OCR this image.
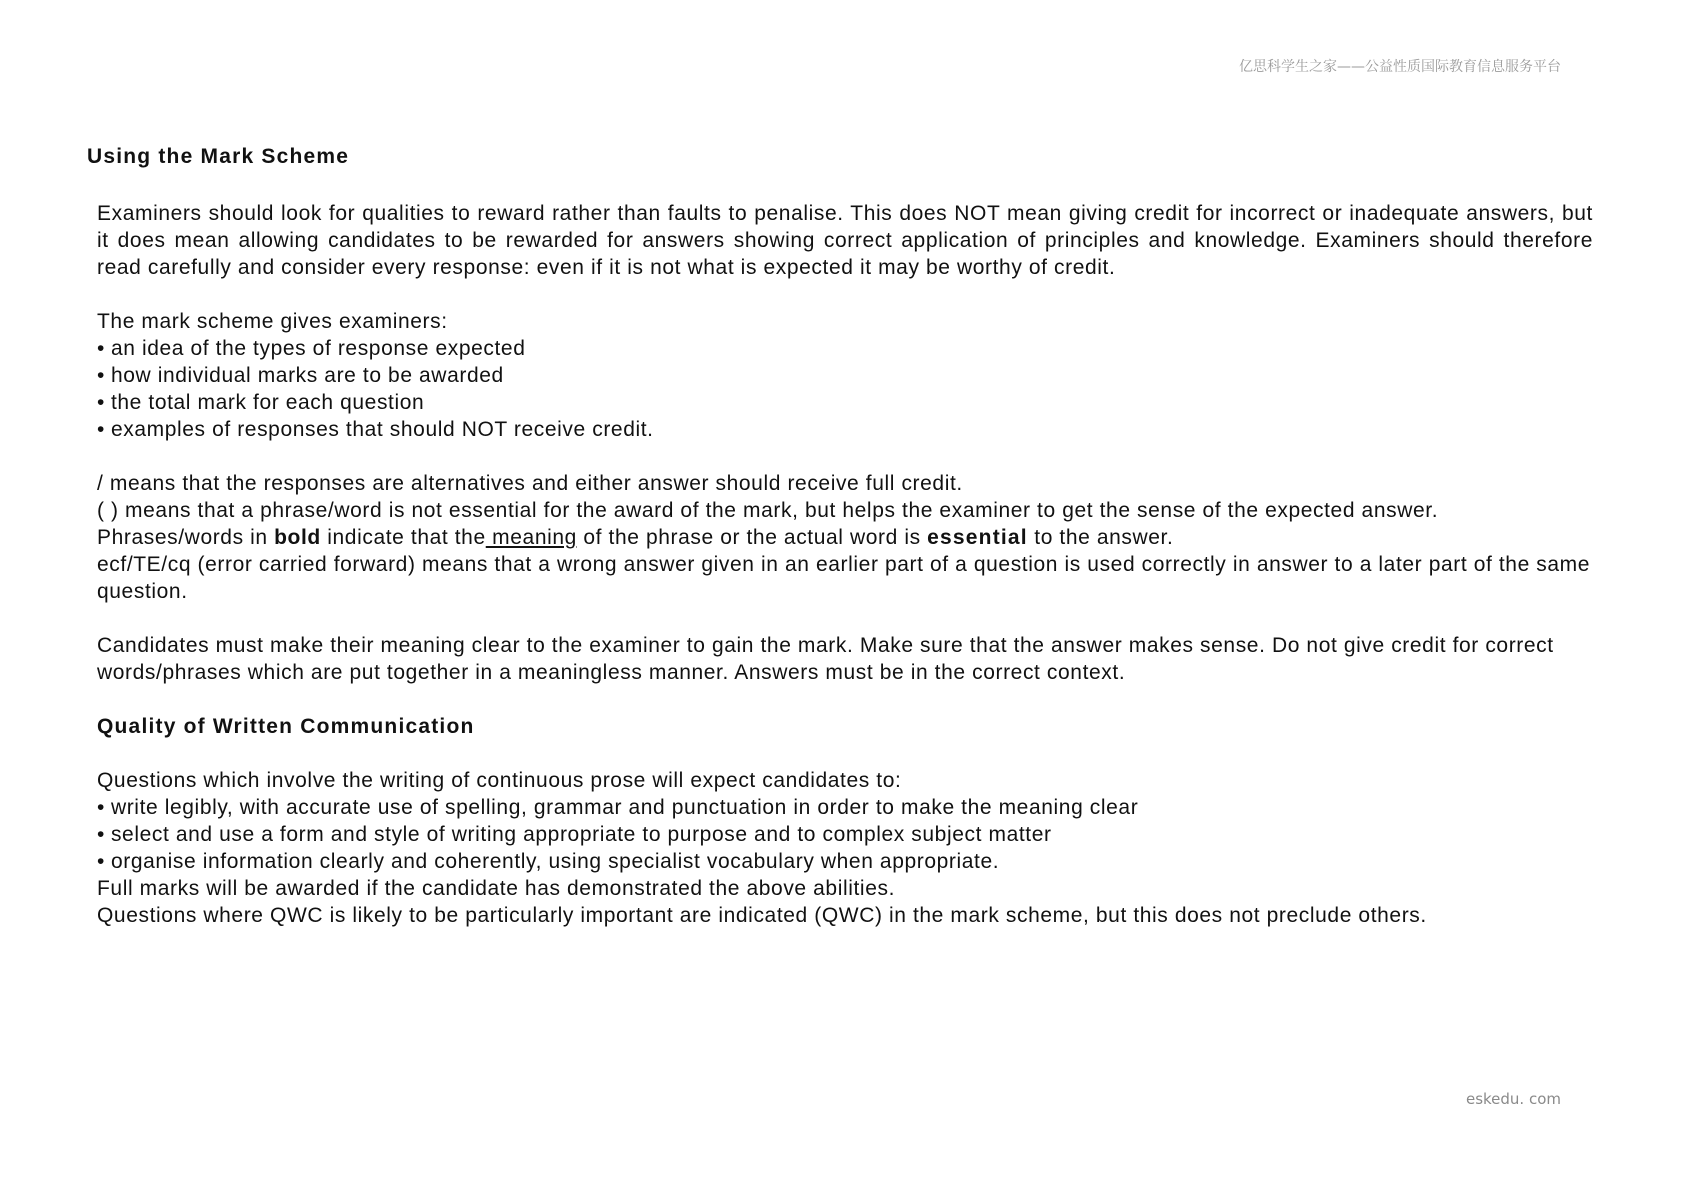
亿思科学生之家——公益性质国际教育信息服务平台
Using the Mark Scheme

Examiners should look for qualities to reward rather than faults to penalise. This does NOT mean giving credit for incorrect or inadequate answers, but it does mean allowing candidates to be rewarded for answers showing correct application of principles and knowledge. Examiners should therefore read carefully and consider every response: even if it is not what is expected it may be worthy of credit.

The mark scheme gives examiners:

• an idea of the types of response expected

• how individual marks are to be awarded

• the total mark for each question

• examples of responses that should NOT receive credit.

/ means that the responses are alternatives and either answer should receive full credit.

( ) means that a phrase/word is not essential for the award of the mark, but helps the examiner to get the sense of the expected answer.

Phrases/words in bold indicate that the meaning of the phrase or the actual word is essential to the answer.

ecf/TE/cq (error carried forward) means that a wrong answer given in an earlier part of a question is used correctly in answer to a later part of the same question.

Candidates must make their meaning clear to the examiner to gain the mark. Make sure that the answer makes sense. Do not give credit for correct words/phrases which are put together in a meaningless manner. Answers must be in the correct context.

Quality of Written Communication

Questions which involve the writing of continuous prose will expect candidates to:

• write legibly, with accurate use of spelling, grammar and punctuation in order to make the meaning clear

• select and use a form and style of writing appropriate to purpose and to complex subject matter

• organise information clearly and coherently, using specialist vocabulary when appropriate.

Full marks will be awarded if the candidate has demonstrated the above abilities.

Questions where QWC is likely to be particularly important are indicated (QWC) in the mark scheme, but this does not preclude others.

eskedu. com
